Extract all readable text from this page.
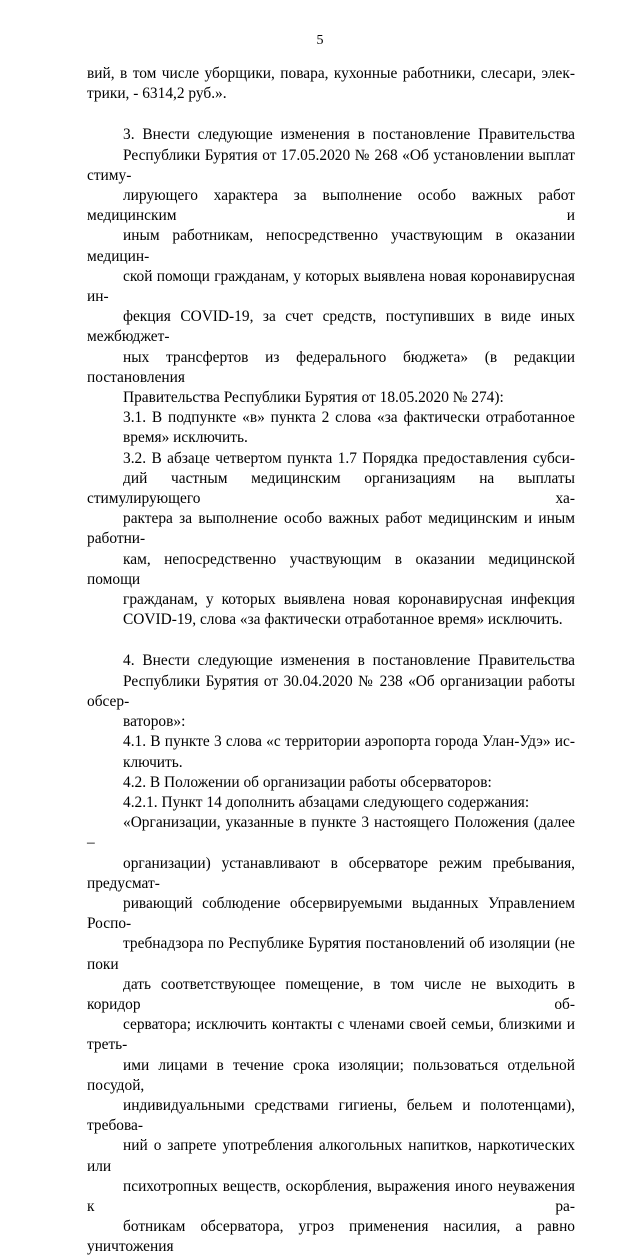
5

вий, в том числе уборщики, повара, кухонные работники, слесари, элек-
трики, - 6314,2 руб.».

3. Внести следующие изменения в постановление Правительства
Республики Бурятия от 17.05.2020 № 268 «Об установлении выплат стиму-
лирующего характера за выполнение особо важных работ медицинским и
иным работникам, непосредственно участвующим в оказании медицин-
ской помощи гражданам, у которых выявлена новая коронавирусная ин-
фекция COVID-19, за счет средств, поступивших в виде иных межбюджет-
ных трансфертов из федерального бюджета» (в редакции постановления
Правительства Республики Бурятия от 18.05.2020 № 274):

3.1. В подпункте «в» пункта 2 слова «за фактически отработанное
время» исключить.

3.2. В абзаце четвертом пункта 1.7 Порядка предоставления субси-
дий частным медицинским организациям на выплаты стимулирующего ха-
рактера за выполнение особо важных работ медицинским и иным работни-
кам, непосредственно участвующим в оказании медицинской помощи
гражданам, у которых выявлена новая коронавирусная инфекция
COVID-19, слова «за фактически отработанное время» исключить.

4. Внести следующие изменения в постановление Правительства
Республики Бурятия от 30.04.2020 № 238 «Об организации работы обсер-
ваторов»:

4.1. В пункте 3 слова «с территории аэропорта города Улан-Удэ» ис-
ключить.

4.2. В Положении об организации работы обсерваторов:

4.2.1. Пункт 14 дополнить абзацами следующего содержания:

«Организации, указанные в пункте 3 настоящего Положения (далее –
организации) устанавливают в обсерваторе режим пребывания, предусмат-
ривающий соблюдение обсервируемыми выданных Управлением Роспо-
требнадзора по Республике Бурятия постановлений об изоляции (не поки
дать соответствующее помещение, в том числе не выходить в коридор об-
серватора; исключить контакты с членами своей семьи, близкими и треть-
ими лицами в течение срока изоляции; пользоваться отдельной посудой,
индивидуальными средствами гигиены, бельем и полотенцами), требова-
ний о запрете употребления алкогольных напитков, наркотических или
психотропных веществ, оскорбления, выражения иного неуважения к ра-
ботникам обсерватора, угроз применения насилия, а равно уничтожения
